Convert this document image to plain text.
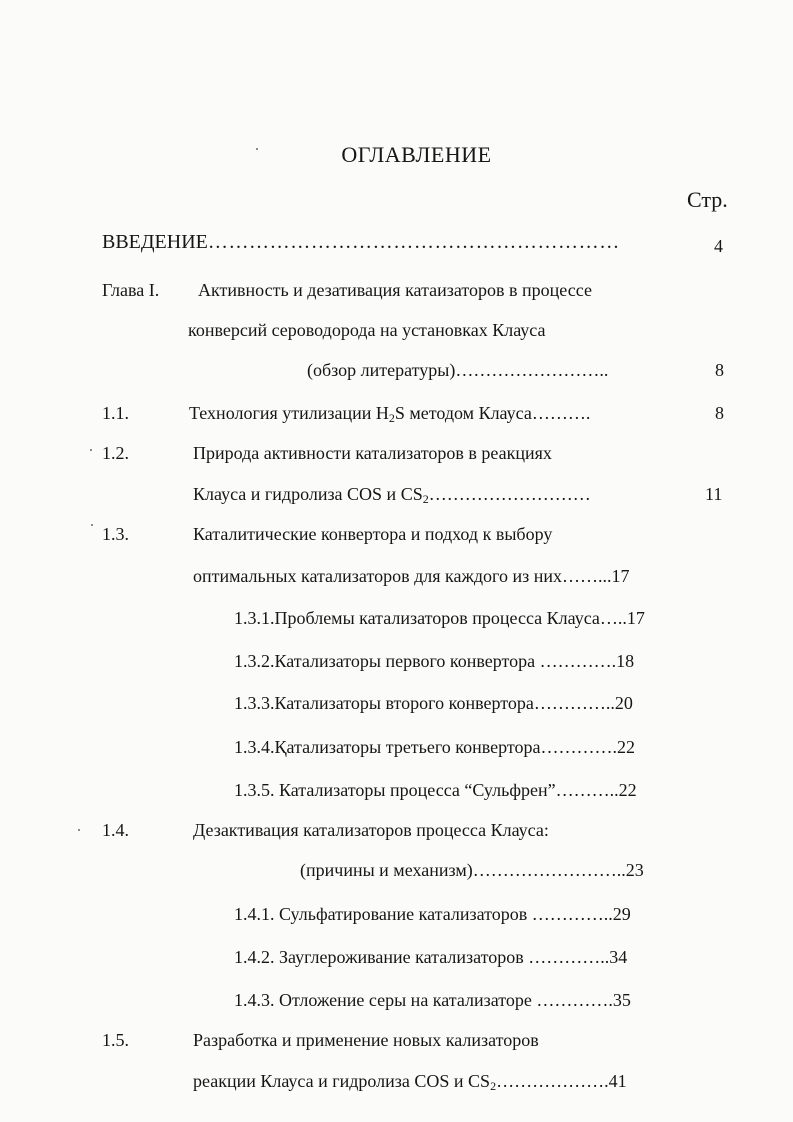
ОГЛАВЛЕНИЕ
Стр.
ВВЕДЕНИЕ……………………………………………………	4
Глава I. Активность и дезативация катаизаторов в процессе
конверсий сероводорода на установках Клауса
(обзор литературы)……………………..	8
1.1.	Технология утилизации $H_2S$ методом Клауса……….	8
1.2.	Природа активности катализаторов в реакциях
Клауса и гидролиза COS и $CS_2\dots\dots\dots\dots\dots\dots\dots\dots\dots$	11
1.3.	Каталитические конвертора и подход к выбору
оптимальных катализаторов для каждого из них……...17
1.3.1.Проблемы катализаторов процесса Клауса…..17
1.3.2.Катализаторы первого конвертора ………….18
1.3.3.Катализаторы второго конвертора…………..20
1.3.4.Қатализаторы третьего конвертора………….22
1.3.5. Катализаторы процесса “Сульфрен”………..22
1.4.	Дезактивация катализаторов процесса Клауса:
(причины и механизм)……………………..23
1.4.1. Сульфатирование катализаторов …………..29
1.4.2. Зауглероживание катализаторов …………..34
1.4.3. Отложение серы на катализаторе ………….35
1.5.	Разработка и применение новых кализаторов
реакции Клауса и гидролиза COS и $CS_2\dots\dots\dots\dots\dots\dots.41$
